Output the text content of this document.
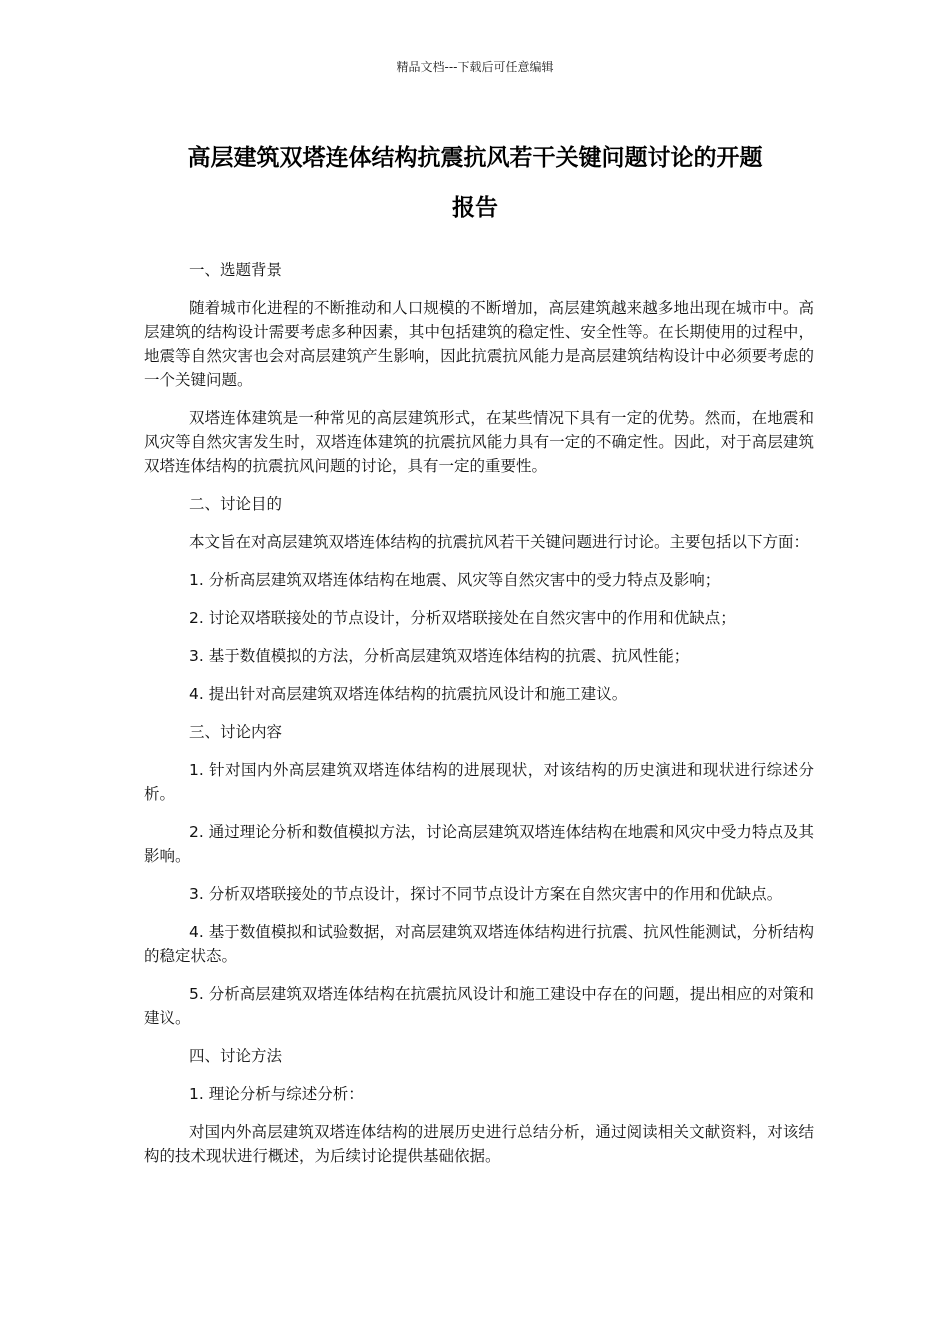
精品文档---下载后可任意编辑
高层建筑双塔连体结构抗震抗风若干关键问题讨论的开题
报告

一、选题背景

随着城市化进程的不断推动和人口规模的不断增加，高层建筑越来越多地出现在城市中。高层建筑的结构设计需要考虑多种因素，其中包括建筑的稳定性、安全性等。在长期使用的过程中，地震等自然灾害也会对高层建筑产生影响，因此抗震抗风能力是高层建筑结构设计中必须要考虑的一个关键问题。

双塔连体建筑是一种常见的高层建筑形式，在某些情况下具有一定的优势。然而，在地震和风灾等自然灾害发生时，双塔连体建筑的抗震抗风能力具有一定的不确定性。因此，对于高层建筑双塔连体结构的抗震抗风问题的讨论，具有一定的重要性。

二、讨论目的

本文旨在对高层建筑双塔连体结构的抗震抗风若干关键问题进行讨论。主要包括以下方面：

1. 分析高层建筑双塔连体结构在地震、风灾等自然灾害中的受力特点及影响；

2. 讨论双塔联接处的节点设计，分析双塔联接处在自然灾害中的作用和优缺点；

3. 基于数值模拟的方法，分析高层建筑双塔连体结构的抗震、抗风性能；

4. 提出针对高层建筑双塔连体结构的抗震抗风设计和施工建议。

三、讨论内容

1. 针对国内外高层建筑双塔连体结构的进展现状，对该结构的历史演进和现状进行综述分析。

2. 通过理论分析和数值模拟方法，讨论高层建筑双塔连体结构在地震和风灾中受力特点及其影响。

3. 分析双塔联接处的节点设计，探讨不同节点设计方案在自然灾害中的作用和优缺点。

4. 基于数值模拟和试验数据，对高层建筑双塔连体结构进行抗震、抗风性能测试，分析结构的稳定状态。

5. 分析高层建筑双塔连体结构在抗震抗风设计和施工建设中存在的问题，提出相应的对策和建议。

四、讨论方法

1. 理论分析与综述分析：

对国内外高层建筑双塔连体结构的进展历史进行总结分析，通过阅读相关文献资料，对该结构的技术现状进行概述，为后续讨论提供基础依据。
